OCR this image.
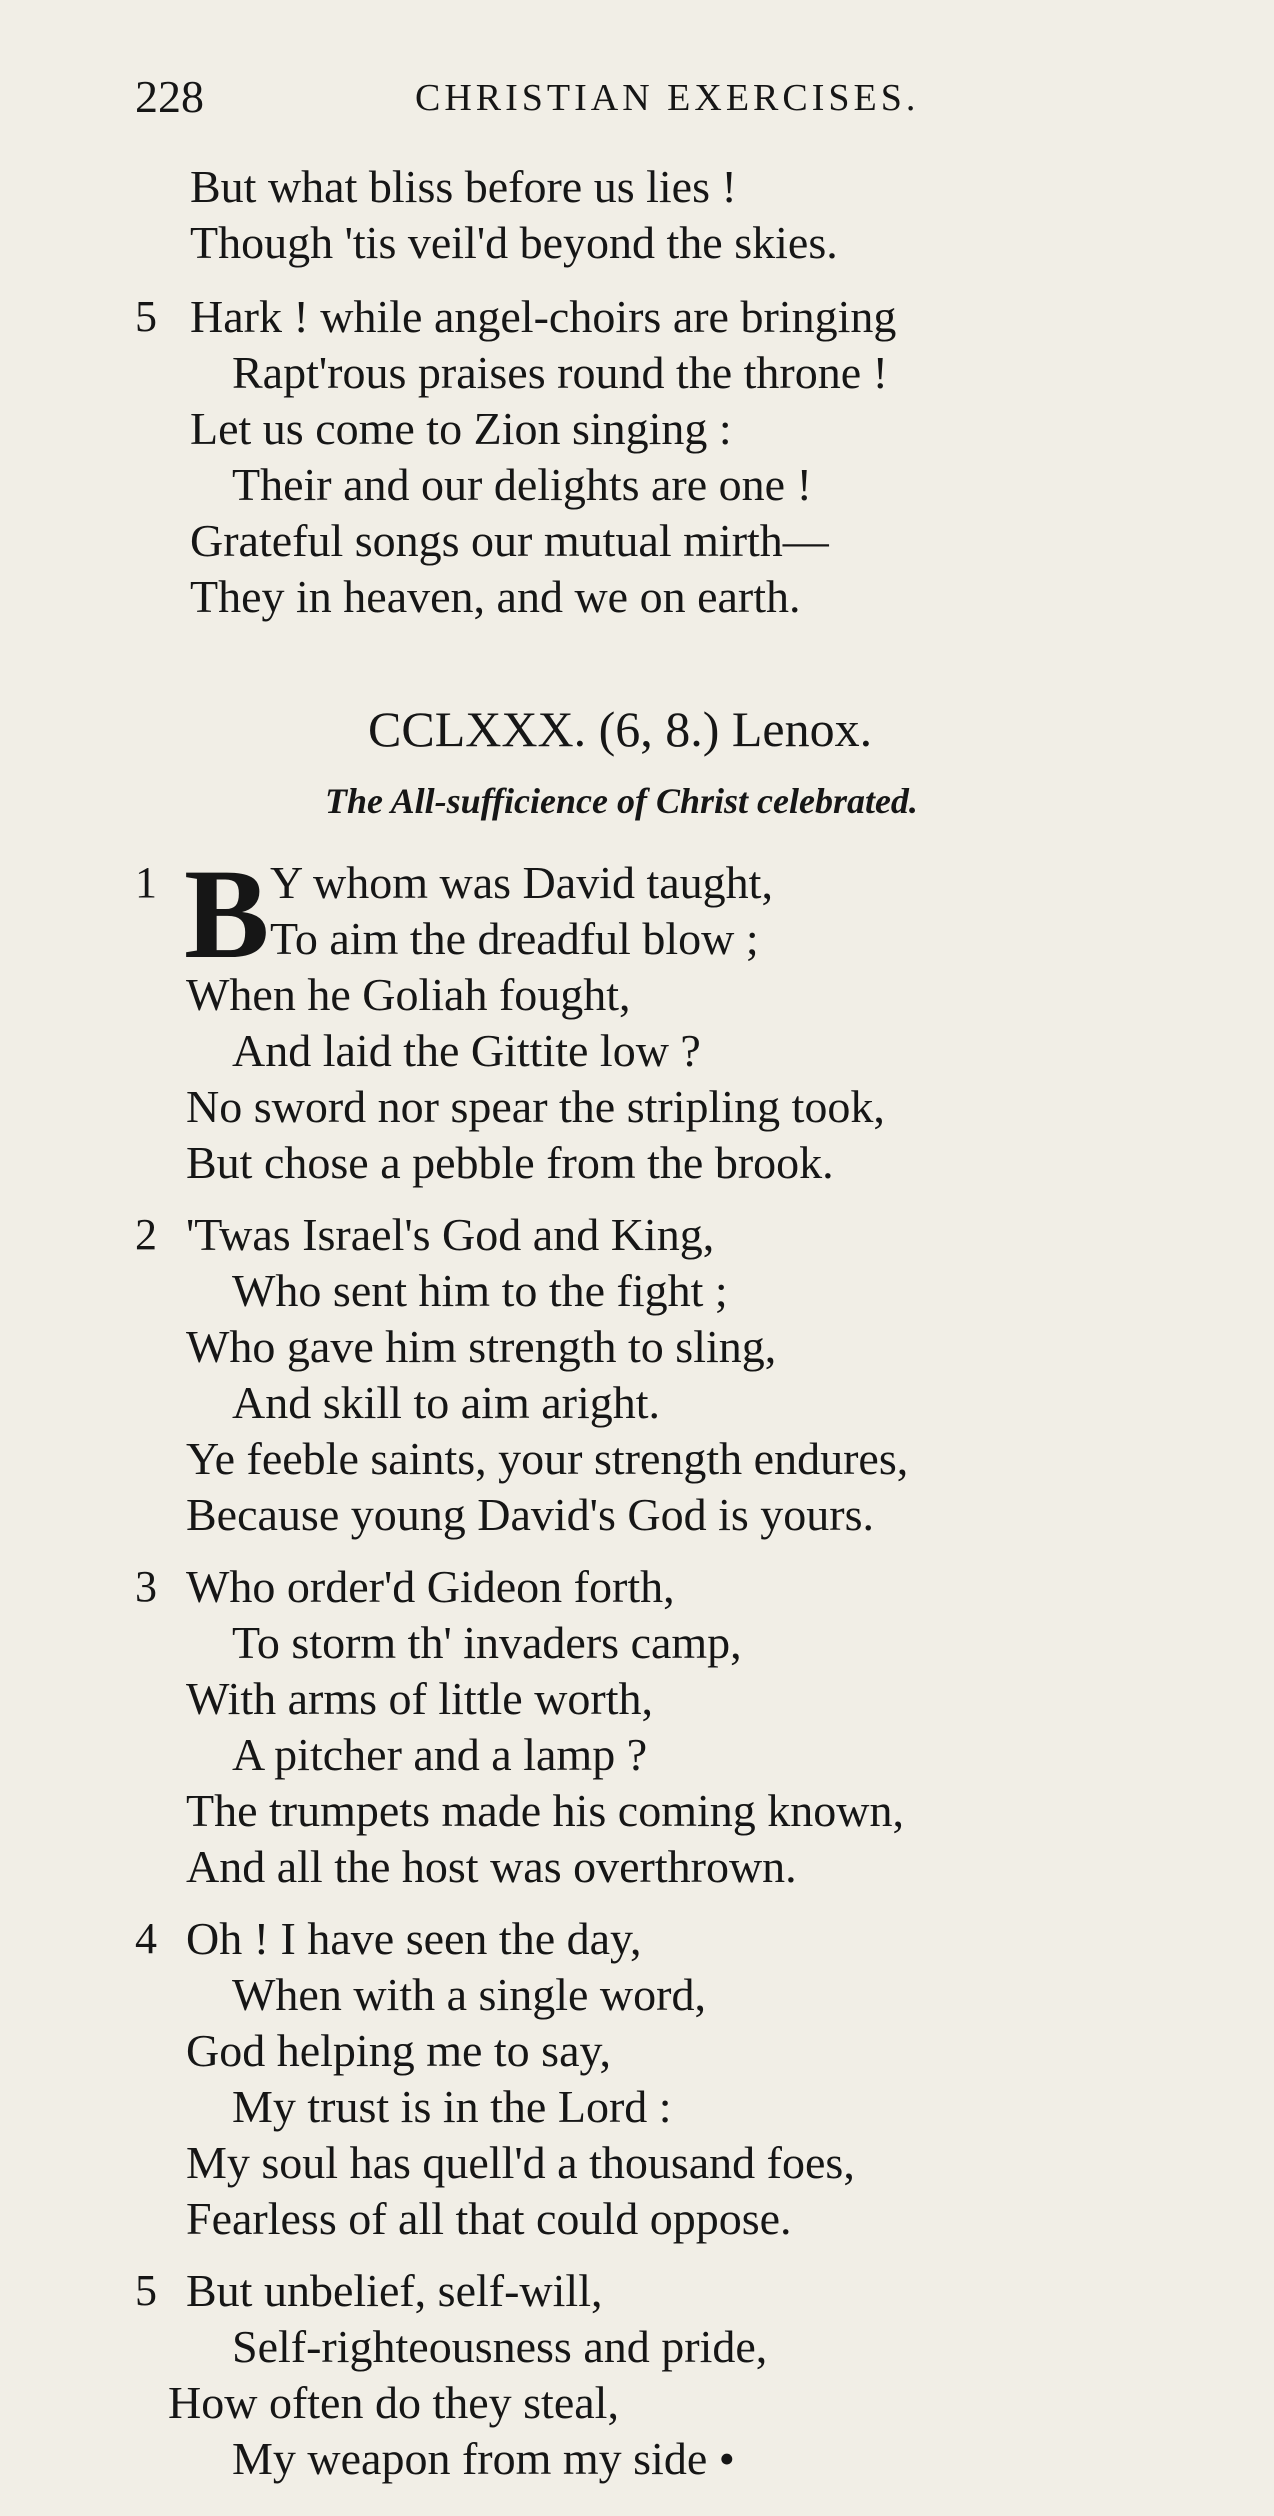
228	CHRISTIAN EXERCISES.
But what bliss before us lies !
Though 'tis veil'd beyond the skies.
5 Hark ! while angel-choirs are bringing
Rapt'rous praises round the throne !
Let us come to Zion singing :
Their and our delights are one !
Grateful songs our mutual mirth—
They in heaven, and we on earth.
CCLXXX. (6, 8.) Lenox.
The All-sufficience of Christ celebrated.
1 B Y whom was David taught,
To aim the dreadful blow ;
When he Goliah fought,
And laid the Gittite low ?
No sword nor spear the stripling took,
But chose a pebble from the brook.
2 'Twas Israel's God and King,
Who sent him to the fight ;
Who gave him strength to sling,
And skill to aim aright.
Ye feeble saints, your strength endures,
Because young David's God is yours.
3 Who order'd Gideon forth,
To storm th' invaders camp,
With arms of little worth,
A pitcher and a lamp ?
The trumpets made his coming known,
And all the host was overthrown.
4 Oh ! I have seen the day,
When with a single word,
God helping me to say,
My trust is in the Lord :
My soul has quell'd a thousand foes,
Fearless of all that could oppose.
5 But unbelief, self-will,
Self-righteousness and pride,
How often do they steal,
My weapon from my side •
